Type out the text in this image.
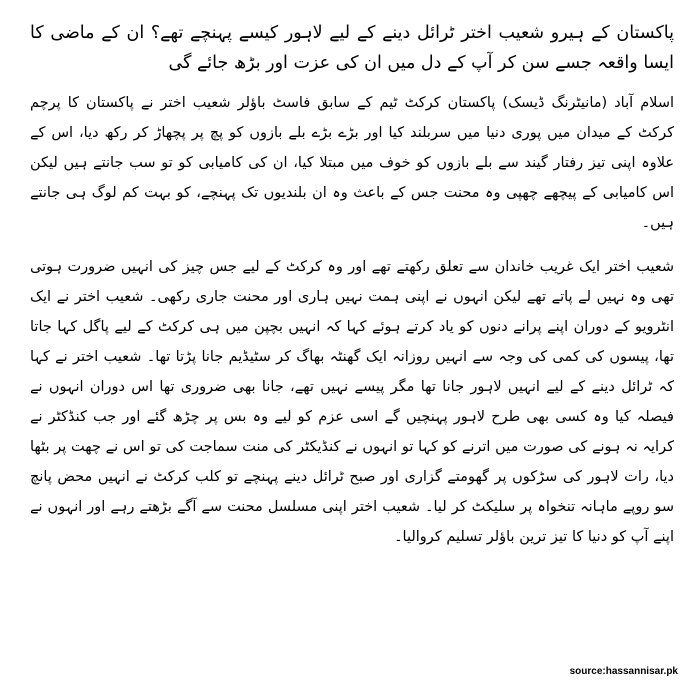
پاکستان کے ہیرو شعیب اختر ٹرائل دینے کے لیے لاہور کیسے پہنچے تھے؟ ان کے ماضی کا ایسا واقعہ جسے سن کر آپ کے دل میں ان کی عزت اور بڑھ جائے گی

اسلام آباد (مانیٹرنگ ڈیسک) پاکستان کرکٹ ٹیم کے سابق فاسٹ باؤلر شعیب اختر نے پاکستان کا پرچم کرکٹ کے میدان میں پوری دنیا میں سربلند کیا اور بڑے بڑے بلے بازوں کو پچ پر پچھاڑ کر رکھ دیا، اس کے علاوہ اپنی تیز رفتار گیند سے بلے بازوں کو خوف میں مبتلا کیا، ان کی کامیابی کو تو سب جانتے ہیں لیکن اس کامیابی کے پیچھے چھپی وہ محنت جس کے باعث وہ ان بلندیوں تک پہنچے، کو بہت کم لوگ ہی جانتے ہیں۔

شعیب اختر ایک غریب خاندان سے تعلق رکھتے تھے اور وہ کرکٹ کے لیے جس چیز کی انہیں ضرورت ہوتی تھی وہ نہیں لے پاتے تھے لیکن انہوں نے اپنی ہمت نہیں ہاری اور محنت جاری رکھی۔ شعیب اختر نے ایک انٹرویو کے دوران اپنے پرانے دنوں کو یاد کرتے ہوئے کہا کہ انہیں بچپن میں ہی کرکٹ کے لیے پاگل کہا جاتا تھا، پیسوں کی کمی کی وجہ سے انہیں روزانہ ایک گھنٹہ بھاگ کر سٹیڈیم جانا پڑتا تھا۔ شعیب اختر نے کہا کہ ٹرائل دینے کے لیے انہیں لاہور جانا تھا مگر پیسے نہیں تھے، جانا بھی ضروری تھا اس دوران انہوں نے فیصلہ کیا وہ کسی بھی طرح لاہور پہنچیں گے اسی عزم کو لیے وہ بس پر چڑھ گئے اور جب کنڈکٹر نے کرایہ نہ ہونے کی صورت میں اترنے کو کہا تو انہوں نے کنڈیکٹر کی منت سماجت کی تو اس نے چھت پر بٹھا دیا، رات لاہور کی سڑکوں پر گھومتے گزاری اور صبح ٹرائل دینے پہنچے تو کلب کرکٹ نے انہیں محض پانچ سو روپے ماہانہ تنخواہ پر سلیکٹ کر لیا۔ شعیب اختر اپنی مسلسل محنت سے آگے بڑھتے رہے اور انہوں نے اپنے آپ کو دنیا کا تیز ترین باؤلر تسلیم کروالیا۔

source:hassannisar.pk
